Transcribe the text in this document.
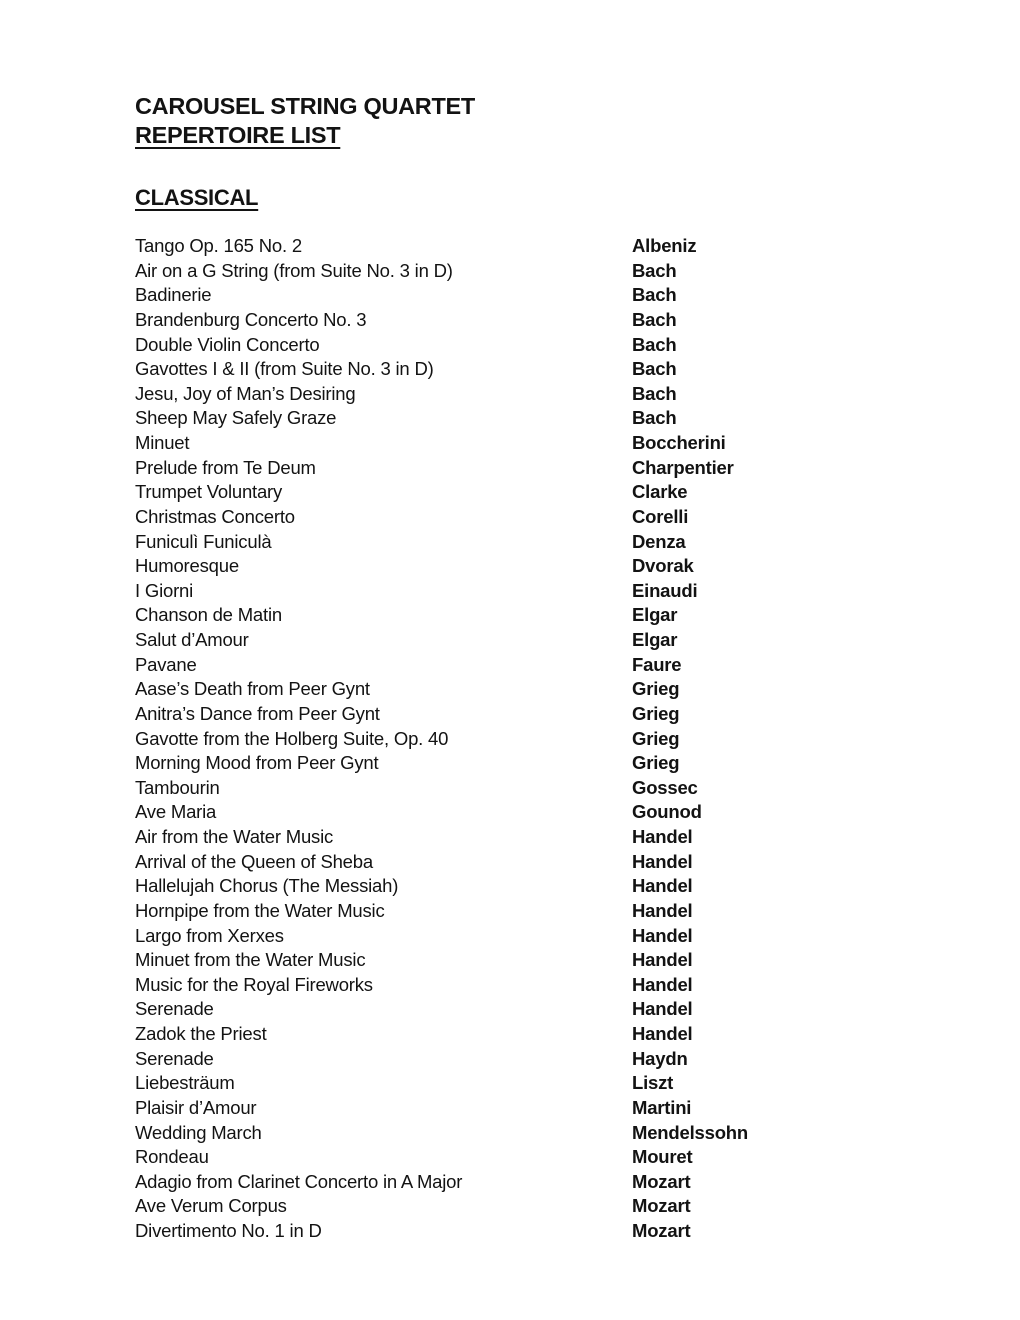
CAROUSEL STRING QUARTET
REPERTOIRE LIST
CLASSICAL
Tango Op. 165 No. 2	Albeniz
Air on a G String (from Suite No. 3 in D)	Bach
Badinerie	Bach
Brandenburg Concerto No. 3	Bach
Double Violin Concerto	Bach
Gavottes I & II (from Suite No. 3 in D)	Bach
Jesu, Joy of Man’s Desiring	Bach
Sheep May Safely Graze	Bach
Minuet	Boccherini
Prelude from Te Deum	Charpentier
Trumpet Voluntary	Clarke
Christmas Concerto	Corelli
Funiculì Funiculà	Denza
Humoresque	Dvorak
I Giorni	Einaudi
Chanson de Matin	Elgar
Salut d’Amour	Elgar
Pavane	Faure
Aase’s Death from Peer Gynt	Grieg
Anitra’s Dance from Peer Gynt	Grieg
Gavotte from the Holberg Suite, Op. 40	Grieg
Morning Mood from Peer Gynt	Grieg
Tambourin	Gossec
Ave Maria	Gounod
Air from the Water Music	Handel
Arrival of the Queen of Sheba	Handel
Hallelujah Chorus (The Messiah)	Handel
Hornpipe from the Water Music	Handel
Largo from Xerxes	Handel
Minuet from the Water Music	Handel
Music for the Royal Fireworks	Handel
Serenade	Handel
Zadok the Priest	Handel
Serenade	Haydn
Liebesträum	Liszt
Plaisir d’Amour	Martini
Wedding March	Mendelssohn
Rondeau	Mouret
Adagio from Clarinet Concerto in A Major	Mozart
Ave Verum Corpus	Mozart
Divertimento No. 1 in D	Mozart
